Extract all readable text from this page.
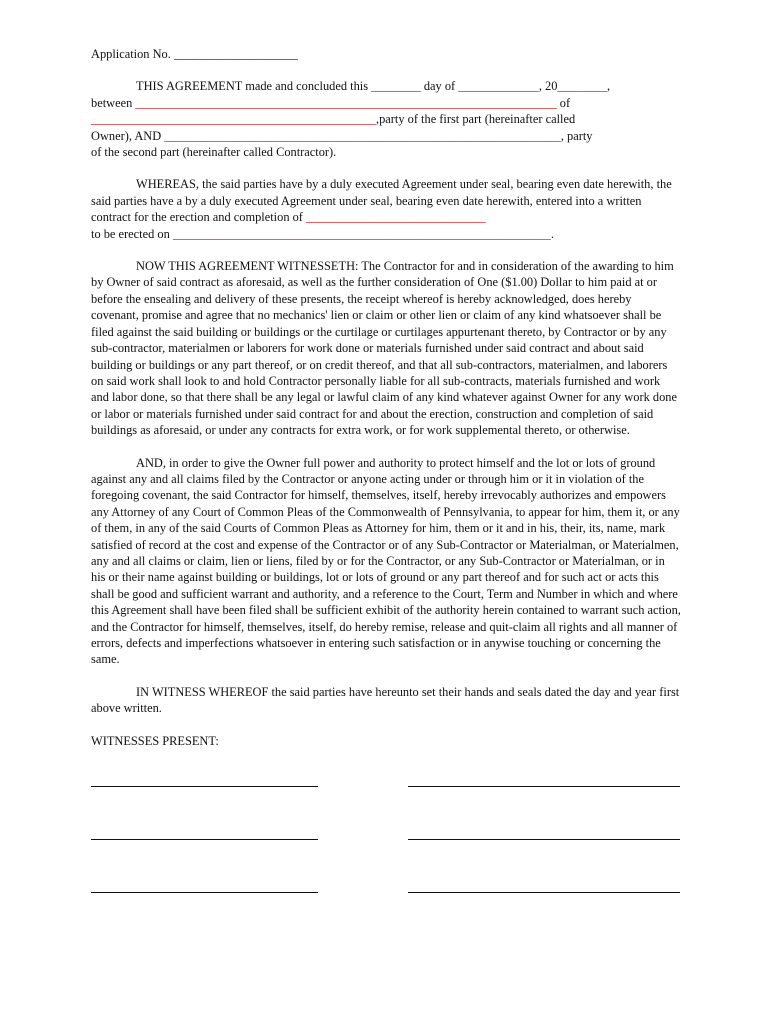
Application No. ____________________

THIS AGREEMENT made and concluded this ________ day of _____________, 20________,
between ____________________________________________________________________ of
______________________________________________,party of the first part (hereinafter called
Owner), AND ________________________________________________________________, party
of the second part (hereinafter called Contractor).

WHEREAS, the said parties have by a duly executed Agreement under seal, bearing even date herewith, the said parties have a by a duly executed Agreement under seal, bearing even date herewith, entered into a written contract for the erection and completion of _____________________________
to be erected on _____________________________________________________________.

NOW THIS AGREEMENT WITNESSETH: The Contractor for and in consideration of the awarding to him by Owner of said contract as aforesaid, as well as the further consideration of One ($1.00) Dollar to him paid at or before the ensealing and delivery of these presents, the receipt whereof is hereby acknowledged, does hereby covenant, promise and agree that no mechanics' lien or claim or other lien or claim of any kind whatsoever shall be filed against the said building or buildings or the curtilage or curtilages appurtenant thereto, by Contractor or by any sub-contractor, materialmen or laborers for work done or materials furnished under said contract and about said building or buildings or any part thereof, or on credit thereof, and that all sub-contractors, materialmen, and laborers on said work shall look to and hold Contractor personally liable for all sub-contracts, materials furnished and work and labor done, so that there shall be any legal or lawful claim of any kind whatever against Owner for any work done or labor or materials furnished under said contract for and about the erection, construction and completion of said buildings as aforesaid, or under any contracts for extra work, or for work supplemental thereto, or otherwise.

AND, in order to give the Owner full power and authority to protect himself and the lot or lots of ground against any and all claims filed by the Contractor or anyone acting under or through him or it in violation of the foregoing covenant, the said Contractor for himself, themselves, itself, hereby irrevocably authorizes and empowers any Attorney of any Court of Common Pleas of the Commonwealth of Pennsylvania, to appear for him, them it, or any of them, in any of the said Courts of Common Pleas as Attorney for him, them or it and in his, their, its, name, mark satisfied of record at the cost and expense of the Contractor or of any Sub-Contractor or Materialman, or Materialmen, any and all claims or claim, lien or liens, filed by or for the Contractor, or any Sub-Contractor or Materialman, or in his or their name against building or buildings, lot or lots of ground or any part thereof and for such act or acts this shall be good and sufficient warrant and authority, and a reference to the Court, Term and Number in which and where this Agreement shall have been filed shall be sufficient exhibit of the authority herein contained to warrant such action, and the Contractor for himself, themselves, itself, do hereby remise, release and quit-claim all rights and all manner of errors, defects and imperfections whatsoever in entering such satisfaction or in anywise touching or concerning the same.

IN WITNESS WHEREOF the said parties have hereunto set their hands and seals dated the day and year first above written.

WITNESSES PRESENT:
